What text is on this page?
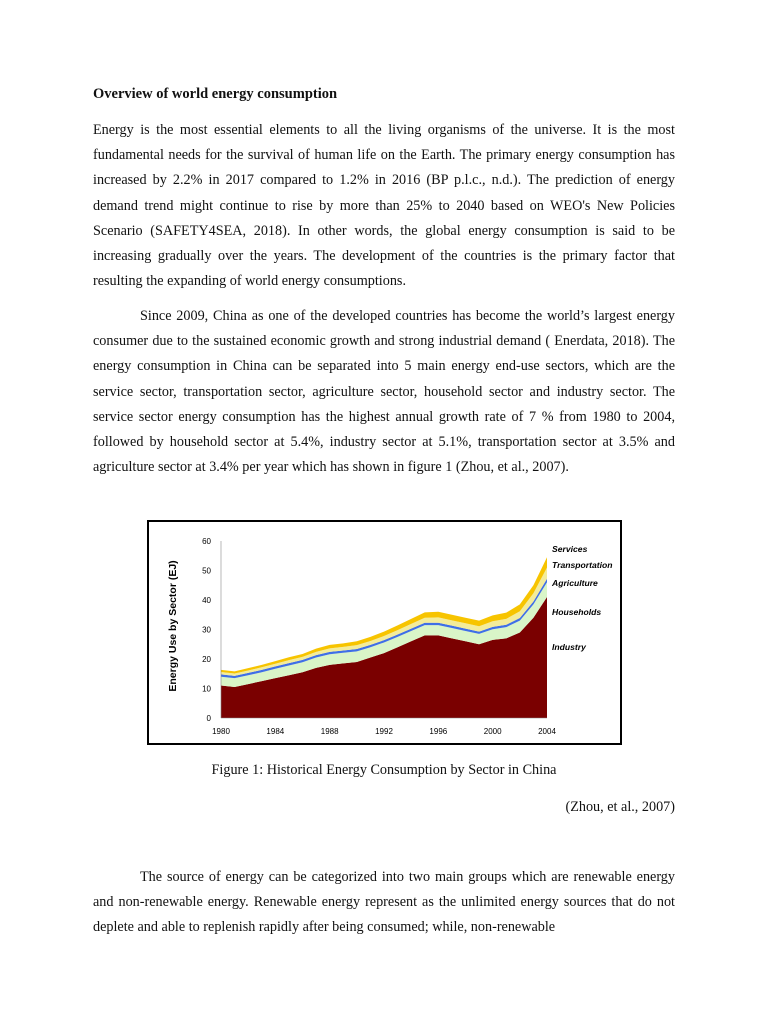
Overview of world energy consumption

Energy is the most essential elements to all the living organisms of the universe. It is the most fundamental needs for the survival of human life on the Earth. The primary energy consumption has increased by 2.2% in 2017 compared to 1.2% in 2016 (BP p.l.c., n.d.). The prediction of energy demand trend might continue to rise by more than 25% to 2040 based on WEO's New Policies Scenario (SAFETY4SEA, 2018). In other words, the global energy consumption is said to be increasing gradually over the years. The development of the countries is the primary factor that resulting the expanding of world energy consumptions.

Since 2009, China as one of the developed countries has become the world’s largest energy consumer due to the sustained economic growth and strong industrial demand ( Enerdata, 2018). The energy consumption in China can be separated into 5 main energy end-use sectors, which are the service sector, transportation sector, agriculture sector, household sector and industry sector. The service sector energy consumption has the highest annual growth rate of 7 % from 1980 to 2004, followed by household sector at 5.4%, industry sector at 5.1%, transportation sector at 3.5% and agriculture sector at 3.4% per year which has shown in figure 1 (Zhou, et al., 2007).

Energy Use by Sector (EJ)
0
10
20
30
40
50
60
1980	1984	1988	1992	1996	2000	2004
Industry
Households
Agriculture
Transportation
Services
Figure 1: Historical Energy Consumption by Sector in China
(Zhou, et al., 2007)

The source of energy can be categorized into two main groups which are renewable energy and non-renewable energy. Renewable energy represent as the unlimited energy sources that do not deplete and able to replenish rapidly after being consumed; while, non-renewable
